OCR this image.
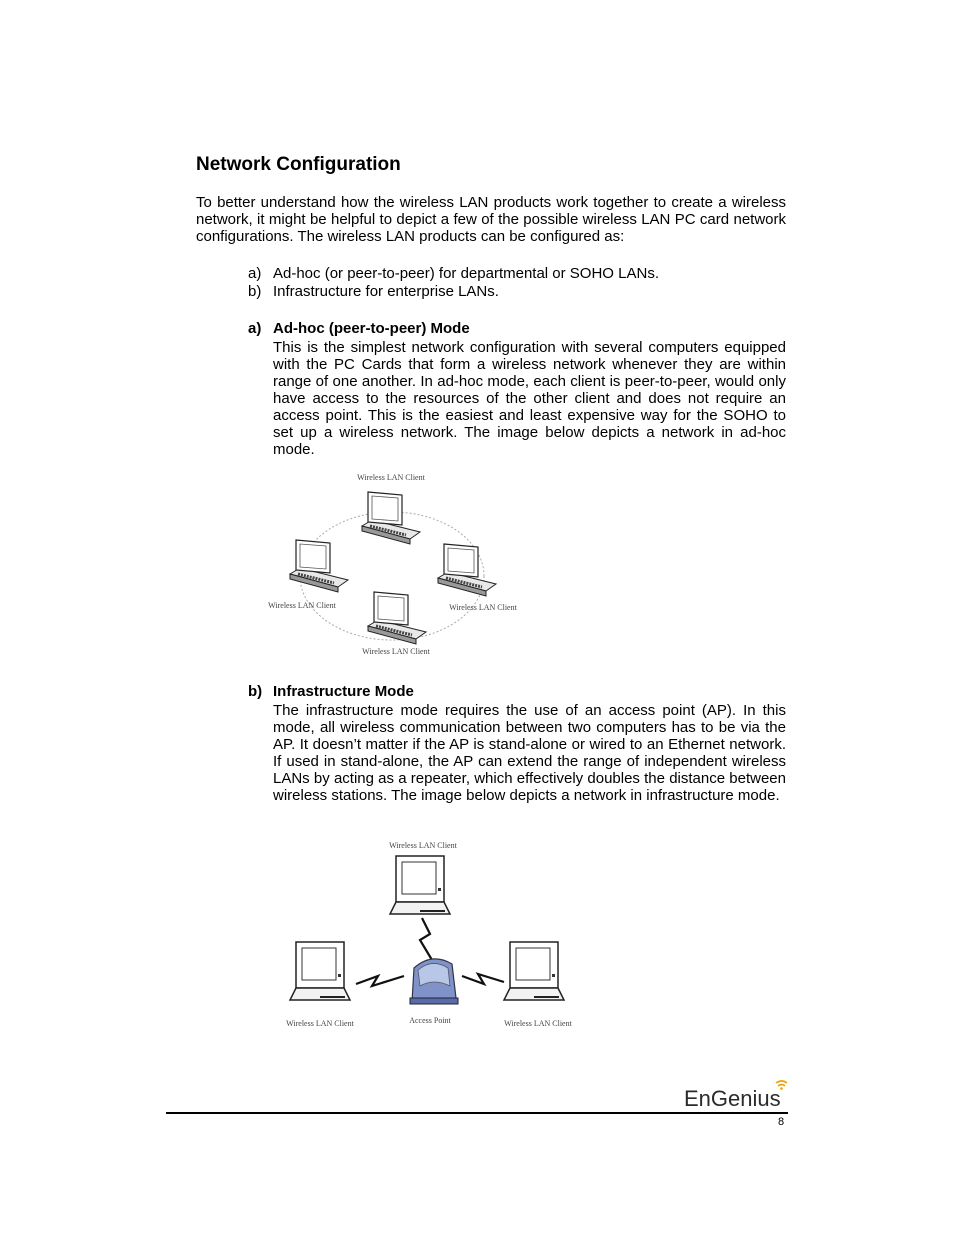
Network Configuration

To better understand how the wireless LAN products work together to create a wireless network, it might be helpful to depict a few of the possible wireless LAN PC card network configurations. The wireless LAN products can be configured as:

a) Ad-hoc (or peer-to-peer) for departmental or SOHO LANs.
b) Infrastructure for enterprise LANs.
a) Ad-hoc (peer-to-peer) Mode

This is the simplest network configuration with several computers equipped with the PC Cards that form a wireless network whenever they are within range of one another. In ad-hoc mode, each client is peer-to-peer, would only have access to the resources of the other client and does not require an access point. This is the easiest and least expensive way for the SOHO to set up a wireless network. The image below depicts a network in ad-hoc mode.

Wireless LAN Client
Wireless LAN Client	Wireless LAN Client
Wireless LAN Client
b) Infrastructure Mode

The infrastructure mode requires the use of an access point (AP). In this mode, all wireless communication between two computers has to be via the AP. It doesn’t matter if the AP is stand-alone or wired to an Ethernet network. If used in stand-alone, the AP can extend the range of independent wireless LANs by acting as a repeater, which effectively doubles the distance between wireless stations. The image below depicts a network in infrastructure mode.

Wireless LAN Client
Wireless LAN Client	Access Point	Wireless LAN Client
EnGenius
8
